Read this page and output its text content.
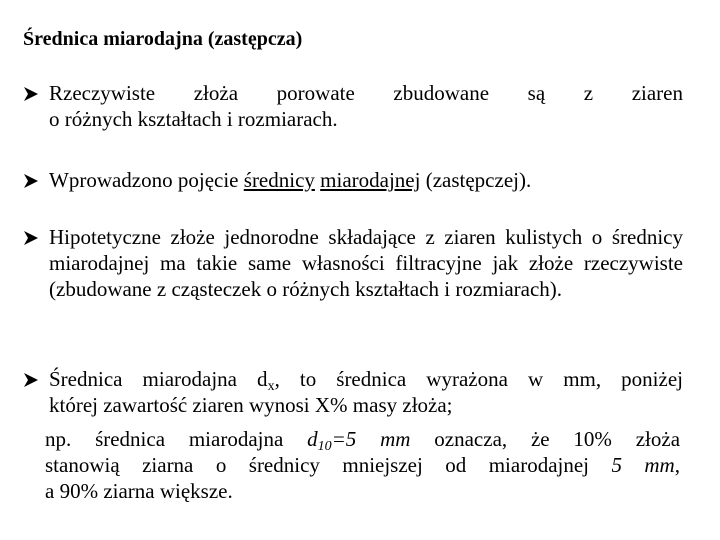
Średnica miarodajna (zastępcza)
Rzeczywiste złoża porowate zbudowane są z ziaren
o różnych kształtach i rozmiarach.
Wprowadzono pojęcie średnicy miarodajnej (zastępczej).
Hipotetyczne złoże jednorodne składające z ziaren kulistych o średnicy miarodajnej ma takie same własności filtracyjne jak złoże rzeczywiste (zbudowane z cząsteczek o różnych kształtach i rozmiarach).
Średnica miarodajna $d_x$, to średnica wyrażona w mm, poniżej
której zawartość ziaren wynosi X% masy złoża;
np. średnica miarodajna $d_{10}=5$ mm oznacza, że 10% złoża
stanowią ziarna o średnicy mniejszej od miarodajnej 5 mm,
a 90% ziarna większe.
